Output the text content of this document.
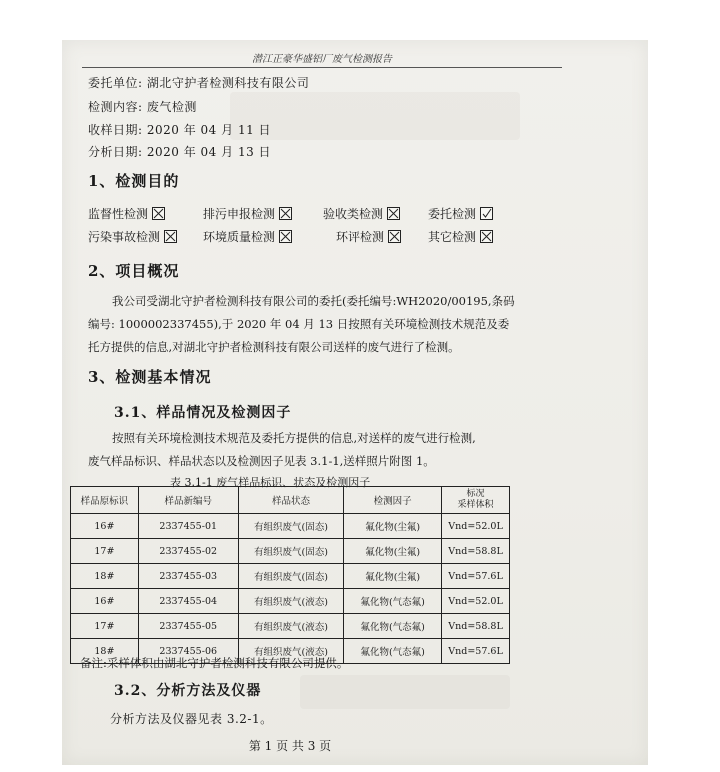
潜江正豪华盛铝厂废气检测报告
委托单位: 湖北守护者检测科技有限公司
检测内容: 废气检测
收样日期: 2020 年 04 月 11 日
分析日期: 2020 年 04 月 13 日
1、检测目的
监督性检测	排污申报检测	验收类检测	委托检测
污染事故检测	环境质量检测	环评检测	其它检测
2、项目概况
我公司受湖北守护者检测科技有限公司的委托(委托编号:WH2020/00195,条码
编号: 1000002337455),于 2020 年 04 月 13 日按照有关环境检测技术规范及委
托方提供的信息,对湖北守护者检测科技有限公司送样的废气进行了检测。
3、检测基本情况
3.1、样品情况及检测因子
按照有关环境检测技术规范及委托方提供的信息,对送样的废气进行检测,
废气样品标识、样品状态以及检测因子见表 3.1-1,送样照片附图 1。
表 3.1-1 废气样品标识、状态及检测因子
样品原标识	样品新编号	样品状态	检测因子	标况
采样体积

16#	2337455-01	有组织废气(固态)	氟化物(尘氟)	Vnd=52.0L
17#	2337455-02	有组织废气(固态)	氟化物(尘氟)	Vnd=58.8L
18#	2337455-03	有组织废气(固态)	氟化物(尘氟)	Vnd=57.6L
16#	2337455-04	有组织废气(液态)	氟化物(气态氟)	Vnd=52.0L
17#	2337455-05	有组织废气(液态)	氟化物(气态氟)	Vnd=58.8L
18#	2337455-06	有组织废气(液态)	氟化物(气态氟)	Vnd=57.6L
备注:采样体积由湖北守护者检测科技有限公司提供。
3.2、分析方法及仪器
分析方法及仪器见表 3.2-1。
第 1 页 共 3 页
